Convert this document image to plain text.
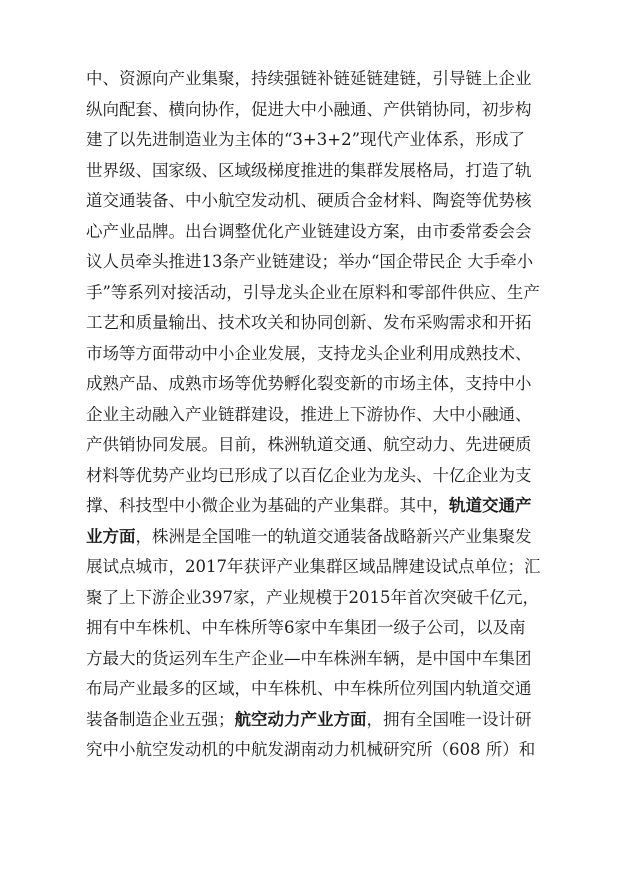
中、资源向产业集聚，持续强链补链延链建链，引导链上企业
纵向配套、横向协作，促进大中小融通、产供销协同，初步构
建了以先进制造业为主体的“3+3+2”现代产业体系，形成了
世界级、国家级、区域级梯度推进的集群发展格局，打造了轨
道交通装备、中小航空发动机、硬质合金材料、陶瓷等优势核
心产业品牌。出台调整优化产业链建设方案，由市委常委会会
议人员牵头推进13条产业链建设；举办“国企带民企 大手牵小
手”等系列对接活动，引导龙头企业在原料和零部件供应、生产
工艺和质量输出、技术攻关和协同创新、发布采购需求和开拓
市场等方面带动中小企业发展，支持龙头企业利用成熟技术、
成熟产品、成熟市场等优势孵化裂变新的市场主体，支持中小
企业主动融入产业链群建设，推进上下游协作、大中小融通、
产供销协同发展。目前，株洲轨道交通、航空动力、先进硬质
材料等优势产业均已形成了以百亿企业为龙头、十亿企业为支
撑、科技型中小微企业为基础的产业集群。其中， 轨道交通产
业方面 ，株洲是全国唯一的轨道交通装备战略新兴产业集聚发
展试点城市，2017年获评产业集群区域品牌建设试点单位；汇
聚了上下游企业397家，产业规模于2015年首次突破千亿元，
拥有中车株机、中车株所等6家中车集团一级子公司，以及南
方最大的货运列车生产企业—中车株洲车辆，是中国中车集团
布局产业最多的区域，中车株机、中车株所位列国内轨道交通
装备制造企业五强； 航空动力产业方面 ，拥有全国唯一设计研
究中小航空发动机的中航发湖南动力机械研究所（608 所）和
